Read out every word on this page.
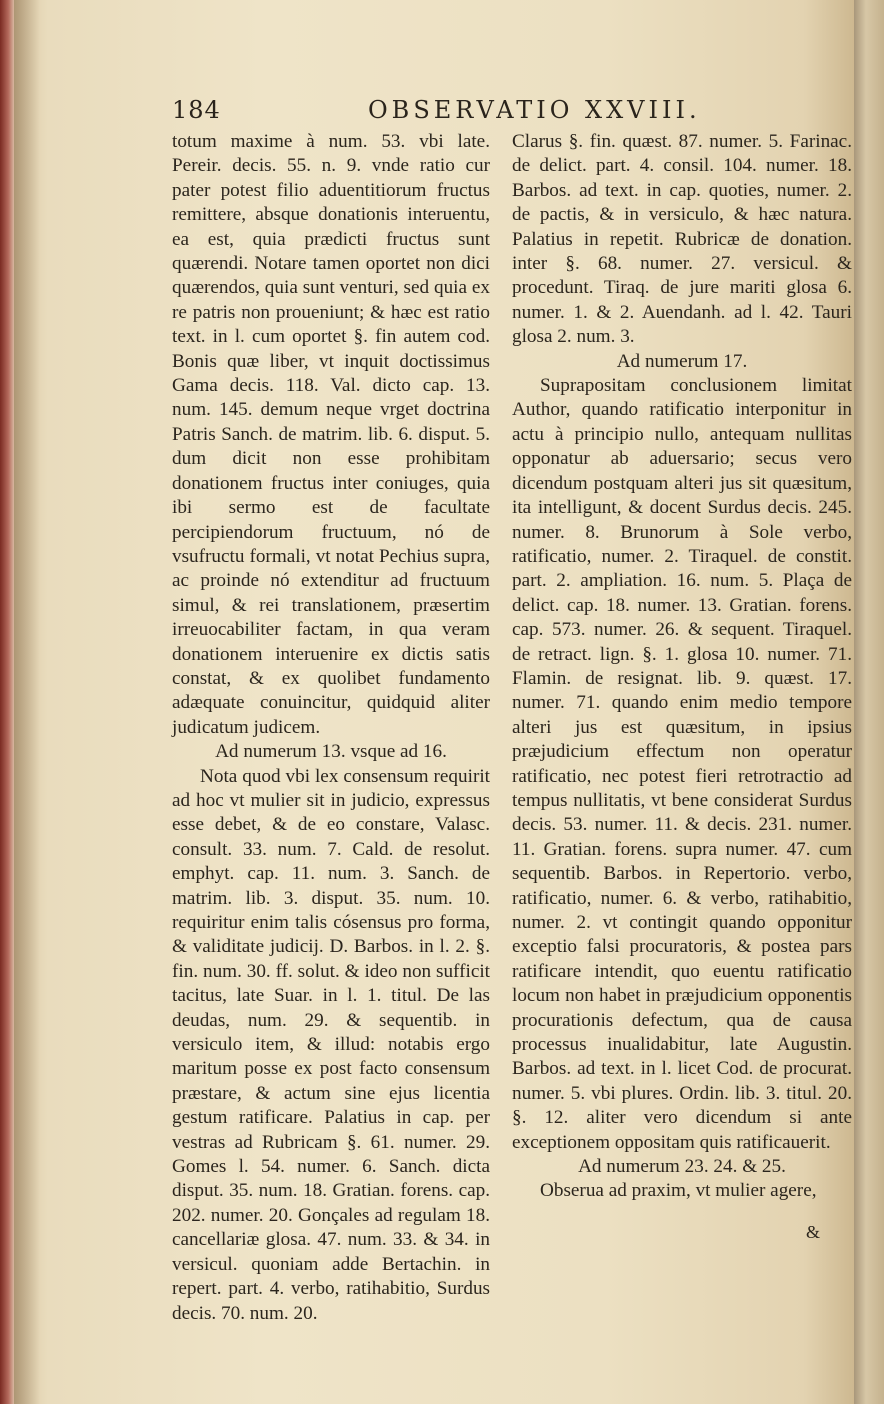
184	OBSERVATIO XXVIII.

totum maxime à num. 53. vbi late. Pereir. decis. 55. n. 9. vnde ratio cur pater potest filio aduentitiorum fructus remittere, absque donationis interuentu, ea est, quia prædicti fructus sunt quærendi. Notare tamen oportet non dici quærendos, quia sunt venturi, sed quia ex re patris non proueniunt; & hæc est ratio text. in l. cum oportet §. fin autem cod. Bonis quæ liber, vt inquit doctissimus Gama decis. 118. Val. dicto cap. 13. num. 145. demum neque vrget doctrina Patris Sanch. de matrim. lib. 6. disput. 5. dum dicit non esse prohibitam donationem fructus inter coniuges, quia ibi sermo est de facultate percipiendorum fructuum, nó de vsufructu formali, vt notat Pechius supra, ac proinde nó extenditur ad fructuum simul, & rei translationem, præsertim irreuocabiliter factam, in qua veram donationem interuenire ex dictis satis constat, & ex quolibet fundamento adæquate conuincitur, quidquid aliter judicatum judicem.

Ad numerum 13. vsque ad 16.

Nota quod vbi lex consensum requirit ad hoc vt mulier sit in judicio, expressus esse debet, & de eo constare, Valasc. consult. 33. num. 7. Cald. de resolut. emphyt. cap. 11. num. 3. Sanch. de matrim. lib. 3. disput. 35. num. 10. requiritur enim talis cósensus pro forma, & validitate judicij. D. Barbos. in l. 2. §. fin. num. 30. ff. solut. & ideo non sufficit tacitus, late Suar. in l. 1. titul. De las deudas, num. 29. & sequentib. in versiculo item, & illud: notabis ergo maritum posse ex post facto consensum præstare, & actum sine ejus licentia gestum ratificare. Palatius in cap. per vestras ad Rubricam §. 61. numer. 29. Gomes l. 54. numer. 6. Sanch. dicta disput. 35. num. 18. Gratian. forens. cap. 202. numer. 20. Gonçales ad regulam 18. cancellariæ glosa. 47. num. 33. & 34. in versicul. quoniam adde Bertachin. in repert. part. 4. verbo, ratihabitio, Surdus decis. 70. num. 20.

Clarus §. fin. quæst. 87. numer. 5. Farinac. de delict. part. 4. consil. 104. numer. 18. Barbos. ad text. in cap. quoties, numer. 2. de pactis, & in versiculo, & hæc natura. Palatius in repetit. Rubricæ de donation. inter §. 68. numer. 27. versicul. & procedunt. Tiraq. de jure mariti glosa 6. numer. 1. & 2. Auendanh. ad l. 42. Tauri glosa 2. num. 3.

Ad numerum 17.

Suprapositam conclusionem limitat Author, quando ratificatio interponitur in actu à principio nullo, antequam nullitas opponatur ab aduersario; secus vero dicendum postquam alteri jus sit quæsitum, ita intelligunt, & docent Surdus decis. 245. numer. 8. Brunorum à Sole verbo, ratificatio, numer. 2. Tiraquel. de constit. part. 2. ampliation. 16. num. 5. Plaça de delict. cap. 18. numer. 13. Gratian. forens. cap. 573. numer. 26. & sequent. Tiraquel. de retract. lign. §. 1. glosa 10. numer. 71. Flamin. de resignat. lib. 9. quæst. 17. numer. 71. quando enim medio tempore alteri jus est quæsitum, in ipsius præjudicium effectum non operatur ratificatio, nec potest fieri retrotractio ad tempus nullitatis, vt bene considerat Surdus decis. 53. numer. 11. & decis. 231. numer. 11. Gratian. forens. supra numer. 47. cum sequentib. Barbos. in Repertorio. verbo, ratificatio, numer. 6. & verbo, ratihabitio, numer. 2. vt contingit quando opponitur exceptio falsi procuratoris, & postea pars ratificare intendit, quo euentu ratificatio locum non habet in præjudicium opponentis procurationis defectum, qua de causa processus inualidabitur, late Augustin. Barbos. ad text. in l. licet Cod. de procurat. numer. 5. vbi plures. Ordin. lib. 3. titul. 20. §. 12. aliter vero dicendum si ante exceptionem oppositam quis ratificauerit.

Ad numerum 23. 24. & 25.

Obserua ad praxim, vt mulier agere,

&
